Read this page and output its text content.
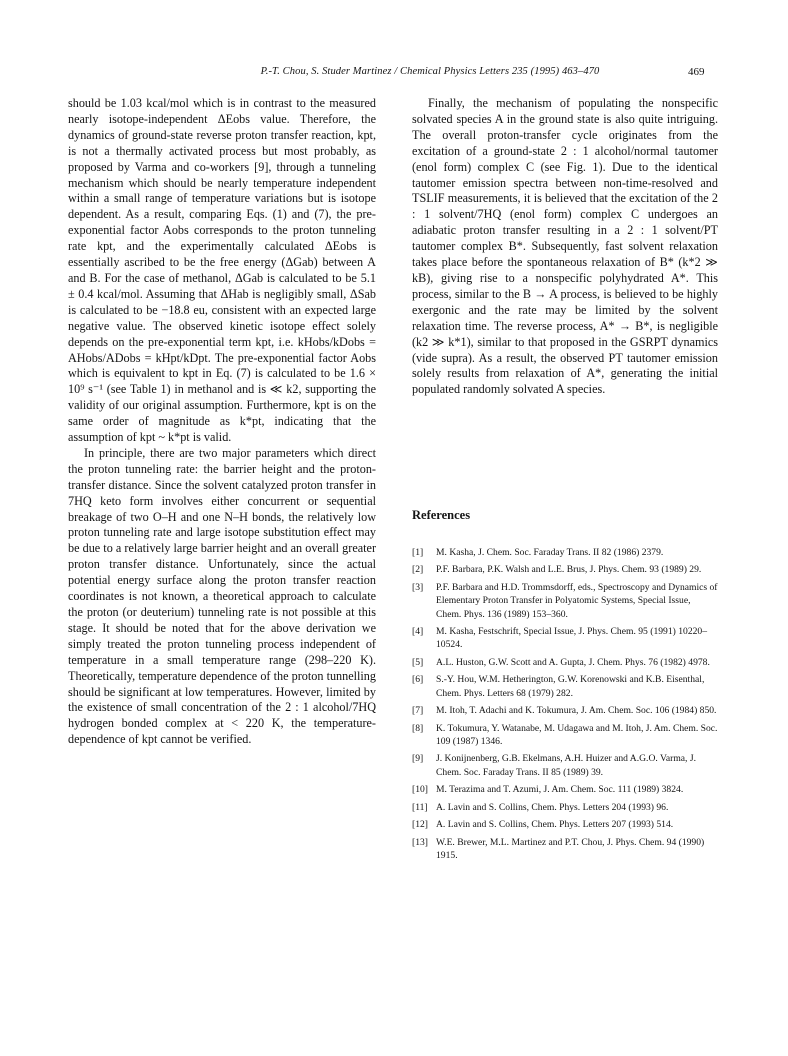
P.-T. Chou, S. Studer Martinez / Chemical Physics Letters 235 (1995) 463–470	469

should be 1.03 kcal/mol which is in contrast to the measured nearly isotope-independent ΔEobs value. Therefore, the dynamics of ground-state reverse proton transfer reaction, kpt, is not a thermally activated process but most probably, as proposed by Varma and co-workers [9], through a tunneling mechanism which should be nearly temperature independent within a small range of temperature variations but is isotope dependent. As a result, comparing Eqs. (1) and (7), the pre-exponential factor Aobs corresponds to the proton tunneling rate kpt, and the experimentally calculated ΔEobs is essentially ascribed to be the free energy (ΔGab) between A and B. For the case of methanol, ΔGab is calculated to be 5.1 ± 0.4 kcal/mol. Assuming that ΔHab is negligibly small, ΔSab is calculated to be −18.8 eu, consistent with an expected large negative value. The observed kinetic isotope effect solely depends on the pre-exponential term kpt, i.e. kHobs/kDobs = AHobs/ADobs = kHpt/kDpt. The pre-exponential factor Aobs which is equivalent to kpt in Eq. (7) is calculated to be 1.6 × 10⁹ s⁻¹ (see Table 1) in methanol and is ≪ k2, supporting the validity of our original assumption. Furthermore, kpt is on the same order of magnitude as k*pt, indicating that the assumption of kpt ~ k*pt is valid.

In principle, there are two major parameters which direct the proton tunneling rate: the barrier height and the proton-transfer distance. Since the solvent catalyzed proton transfer in 7HQ keto form involves either concurrent or sequential breakage of two O–H and one N–H bonds, the relatively low proton tunneling rate and large isotope substitution effect may be due to a relatively large barrier height and an overall greater proton transfer distance. Unfortunately, since the actual potential energy surface along the proton transfer reaction coordinates is not known, a theoretical approach to calculate the proton (or deuterium) tunneling rate is not possible at this stage. It should be noted that for the above derivation we simply treated the proton tunneling process independent of temperature in a small temperature range (298–220 K). Theoretically, temperature dependence of the proton tunnelling should be significant at low temperatures. However, limited by the existence of small concentration of the 2 : 1 alcohol/7HQ hydrogen bonded complex at < 220 K, the temperature-dependence of kpt cannot be verified.

Finally, the mechanism of populating the nonspecific solvated species A in the ground state is also quite intriguing. The overall proton-transfer cycle originates from the excitation of a ground-state 2 : 1 alcohol/normal tautomer (enol form) complex C (see Fig. 1). Due to the identical tautomer emission spectra between non-time-resolved and TSLIF measurements, it is believed that the excitation of the 2 : 1 solvent/7HQ (enol form) complex C undergoes an adiabatic proton transfer resulting in a 2 : 1 solvent/PT tautomer complex B*. Subsequently, fast solvent relaxation takes place before the spontaneous relaxation of B* (k*2 ≫ kB), giving rise to a nonspecific polyhydrated A*. This process, similar to the B → A process, is believed to be highly exergonic and the rate may be limited by the solvent relaxation time. The reverse process, A* → B*, is negligible (k2 ≫ k*1), similar to that proposed in the GSRPT dynamics (vide supra). As a result, the observed PT tautomer emission solely results from relaxation of A*, generating the initial populated randomly solvated A species.

References
[1] M. Kasha, J. Chem. Soc. Faraday Trans. II 82 (1986) 2379.
[2] P.F. Barbara, P.K. Walsh and L.E. Brus, J. Phys. Chem. 93 (1989) 29.
[3] P.F. Barbara and H.D. Trommsdorff, eds., Spectroscopy and Dynamics of Elementary Proton Transfer in Polyatomic Systems, Special Issue, Chem. Phys. 136 (1989) 153–360.
[4] M. Kasha, Festschrift, Special Issue, J. Phys. Chem. 95 (1991) 10220–10524.
[5] A.L. Huston, G.W. Scott and A. Gupta, J. Chem. Phys. 76 (1982) 4978.
[6] S.-Y. Hou, W.M. Hetherington, G.W. Korenowski and K.B. Eisenthal, Chem. Phys. Letters 68 (1979) 282.
[7] M. Itoh, T. Adachi and K. Tokumura, J. Am. Chem. Soc. 106 (1984) 850.
[8] K. Tokumura, Y. Watanabe, M. Udagawa and M. Itoh, J. Am. Chem. Soc. 109 (1987) 1346.
[9] J. Konijnenberg, G.B. Ekelmans, A.H. Huizer and A.G.O. Varma, J. Chem. Soc. Faraday Trans. II 85 (1989) 39.
[10] M. Terazima and T. Azumi, J. Am. Chem. Soc. 111 (1989) 3824.
[11] A. Lavin and S. Collins, Chem. Phys. Letters 204 (1993) 96.
[12] A. Lavin and S. Collins, Chem. Phys. Letters 207 (1993) 514.
[13] W.E. Brewer, M.L. Martinez and P.T. Chou, J. Phys. Chem. 94 (1990) 1915.
